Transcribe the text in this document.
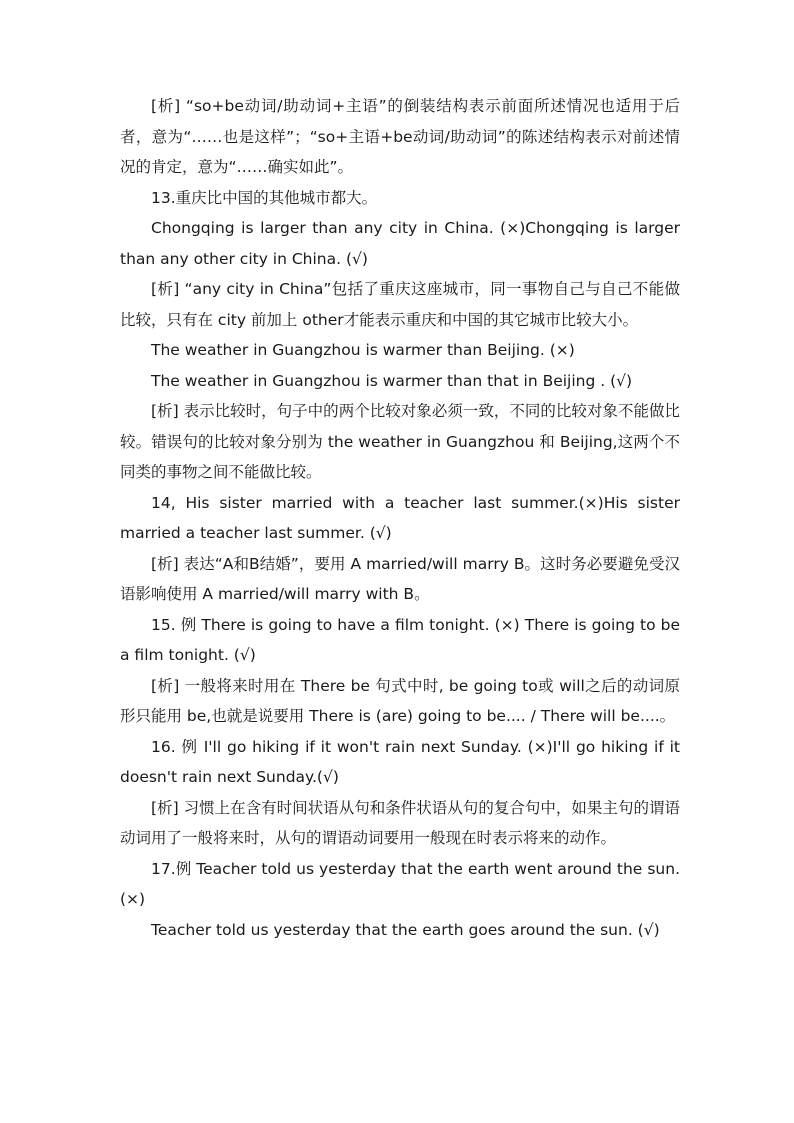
[析] “so+be动词/助动词+主语”的倒装结构表示前面所述情况也适用于后者，意为“……也是这样”；“so+主语+be动词/助动词”的陈述结构表示对前述情况的肯定，意为“……确实如此”。

13.重庆比中国的其他城市都大。

Chongqing is larger than any city in China. (×)Chongqing is larger than any other city in China. (√)

[析] “any city in China”包括了重庆这座城市，同一事物自己与自己不能做比较，只有在 city 前加上 other才能表示重庆和中国的其它城市比较大小。

The weather in Guangzhou is warmer than Beijing. (×)

The weather in Guangzhou is warmer than that in Beijing . (√)

[析] 表示比较时，句子中的两个比较对象必须一致，不同的比较对象不能做比较。错误句的比较对象分别为 the weather in Guangzhou 和 Beijing,这两个不同类的事物之间不能做比较。

14, His sister married with a teacher last summer.(×)His sister married a teacher last summer. (√)

[析] 表达“A和B结婚”，要用 A married/will marry B。这时务必要避免受汉语影响使用 A married/will marry with B。

15. 例 There is going to have a film tonight. (×) There is going to be a film tonight. (√)

[析] 一般将来时用在 There be 句式中时, be going to或 will之后的动词原形只能用 be,也就是说要用 There is (are) going to be.... / There will be....。

16. 例 I'll go hiking if it won't rain next Sunday. (×)I'll go hiking if it doesn't rain next Sunday.(√)

[析] 习惯上在含有时间状语从句和条件状语从句的复合句中，如果主句的谓语动词用了一般将来时，从句的谓语动词要用一般现在时表示将来的动作。

17.例 Teacher told us yesterday that the earth went around the sun. (×)

Teacher told us yesterday that the earth goes around the sun. (√)
